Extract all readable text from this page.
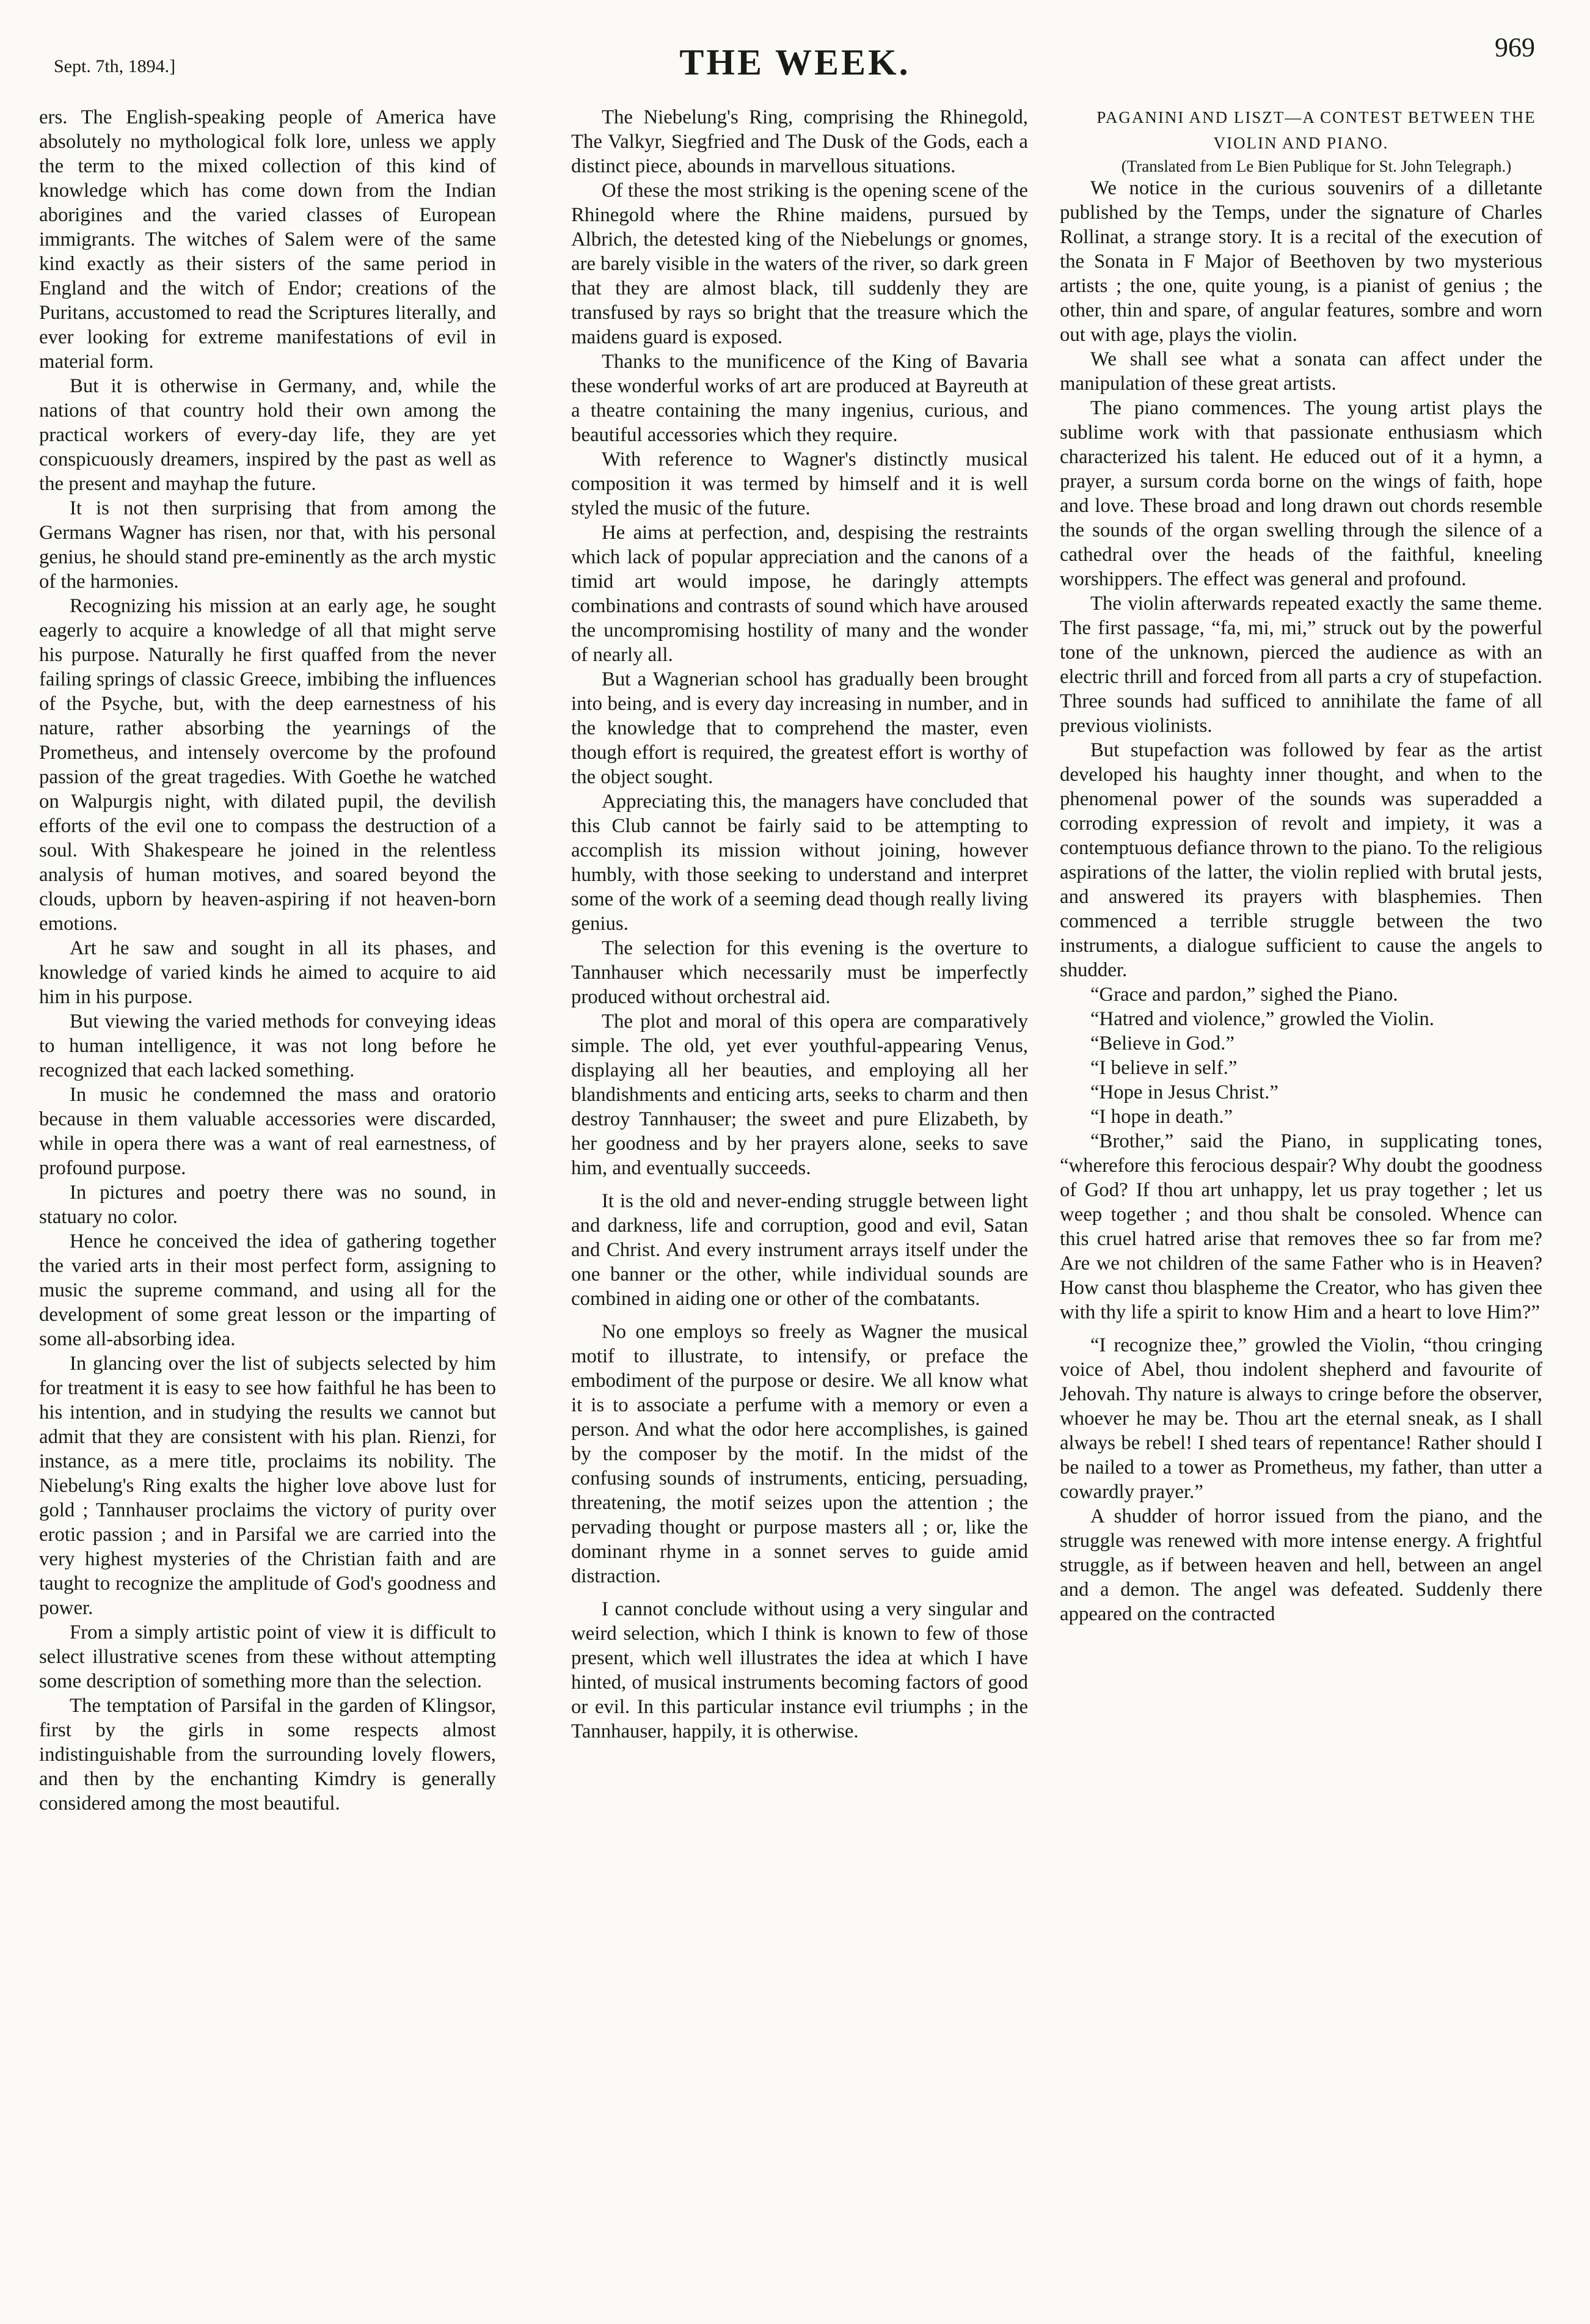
Sept. 7th, 1894.]	THE WEEK.	969

ers. The English-speaking people of America have absolutely no mythological folk lore, unless we apply the term to the mixed collection of this kind of knowledge which has come down from the Indian aborigines and the varied classes of European immigrants. The witches of Salem were of the same kind exactly as their sisters of the same period in England and the witch of Endor; creations of the Puritans, accustomed to read the Scriptures literally, and ever looking for extreme manifestations of evil in material form.

But it is otherwise in Germany, and, while the nations of that country hold their own among the practical workers of every-day life, they are yet conspicuously dreamers, inspired by the past as well as the present and mayhap the future.

It is not then surprising that from among the Germans Wagner has risen, nor that, with his personal genius, he should stand pre-eminently as the arch mystic of the harmonies.

Recognizing his mission at an early age, he sought eagerly to acquire a knowledge of all that might serve his purpose. Naturally he first quaffed from the never failing springs of classic Greece, imbibing the influences of the Psyche, but, with the deep earnestness of his nature, rather absorbing the yearnings of the Prometheus, and intensely overcome by the profound passion of the great tragedies. With Goethe he watched on Walpurgis night, with dilated pupil, the devilish efforts of the evil one to compass the destruction of a soul. With Shakespeare he joined in the relentless analysis of human motives, and soared beyond the clouds, upborn by heaven-aspiring if not heaven-born emotions.

Art he saw and sought in all its phases, and knowledge of varied kinds he aimed to acquire to aid him in his purpose.

But viewing the varied methods for conveying ideas to human intelligence, it was not long before he recognized that each lacked something.

In music he condemned the mass and oratorio because in them valuable accessories were discarded, while in opera there was a want of real earnestness, of profound purpose.

In pictures and poetry there was no sound, in statuary no color.

Hence he conceived the idea of gathering together the varied arts in their most perfect form, assigning to music the supreme command, and using all for the development of some great lesson or the imparting of some all-absorbing idea.

In glancing over the list of subjects selected by him for treatment it is easy to see how faithful he has been to his intention, and in studying the results we cannot but admit that they are consistent with his plan. Rienzi, for instance, as a mere title, proclaims its nobility. The Niebelung's Ring exalts the higher love above lust for gold ; Tannhauser proclaims the victory of purity over erotic passion ; and in Parsifal we are carried into the very highest mysteries of the Christian faith and are taught to recognize the amplitude of God's goodness and power.

From a simply artistic point of view it is difficult to select illustrative scenes from these without attempting some description of something more than the selection.

The temptation of Parsifal in the garden of Klingsor, first by the girls in some respects almost indistinguishable from the surrounding lovely flowers, and then by the enchanting Kimdry is generally considered among the most beautiful.

The Niebelung's Ring, comprising the Rhinegold, The Valkyr, Siegfried and The Dusk of the Gods, each a distinct piece, abounds in marvellous situations.

Of these the most striking is the opening scene of the Rhinegold where the Rhine maidens, pursued by Albrich, the detested king of the Niebelungs or gnomes, are barely visible in the waters of the river, so dark green that they are almost black, till suddenly they are transfused by rays so bright that the treasure which the maidens guard is exposed.

Thanks to the munificence of the King of Bavaria these wonderful works of art are produced at Bayreuth at a theatre containing the many ingenius, curious, and beautiful accessories which they require.

With reference to Wagner's distinctly musical composition it was termed by himself and it is well styled the music of the future.

He aims at perfection, and, despising the restraints which lack of popular appreciation and the canons of a timid art would impose, he daringly attempts combinations and contrasts of sound which have aroused the uncompromising hostility of many and the wonder of nearly all.

But a Wagnerian school has gradually been brought into being, and is every day increasing in number, and in the knowledge that to comprehend the master, even though effort is required, the greatest effort is worthy of the object sought.

Appreciating this, the managers have concluded that this Club cannot be fairly said to be attempting to accomplish its mission without joining, however humbly, with those seeking to understand and interpret some of the work of a seeming dead though really living genius.

The selection for this evening is the overture to Tannhauser which necessarily must be imperfectly produced without orchestral aid.

The plot and moral of this opera are comparatively simple. The old, yet ever youthful-appearing Venus, displaying all her beauties, and employing all her blandishments and enticing arts, seeks to charm and then destroy Tannhauser; the sweet and pure Elizabeth, by her goodness and by her prayers alone, seeks to save him, and eventually succeeds.

It is the old and never-ending struggle between light and darkness, life and corruption, good and evil, Satan and Christ. And every instrument arrays itself under the one banner or the other, while individual sounds are combined in aiding one or other of the combatants.

No one employs so freely as Wagner the musical motif to illustrate, to intensify, or preface the embodiment of the purpose or desire. We all know what it is to associate a perfume with a memory or even a person. And what the odor here accomplishes, is gained by the composer by the motif. In the midst of the confusing sounds of instruments, enticing, persuading, threatening, the motif seizes upon the attention ; the pervading thought or purpose masters all ; or, like the dominant rhyme in a sonnet serves to guide amid distraction.

I cannot conclude without using a very singular and weird selection, which I think is known to few of those present, which well illustrates the idea at which I have hinted, of musical instruments becoming factors of good or evil. In this particular instance evil triumphs ; in the Tannhauser, happily, it is otherwise.

PAGANINI AND LISZT—A CONTEST BETWEEN THE VIOLIN AND PIANO.

(Translated from Le Bien Publique for St. John Telegraph.)

We notice in the curious souvenirs of a dilletante published by the Temps, under the signature of Charles Rollinat, a strange story. It is a recital of the execution of the Sonata in F Major of Beethoven by two mysterious artists ; the one, quite young, is a pianist of genius ; the other, thin and spare, of angular features, sombre and worn out with age, plays the violin.

We shall see what a sonata can affect under the manipulation of these great artists.

The piano commences. The young artist plays the sublime work with that passionate enthusiasm which characterized his talent. He educed out of it a hymn, a prayer, a sursum corda borne on the wings of faith, hope and love. These broad and long drawn out chords resemble the sounds of the organ swelling through the silence of a cathedral over the heads of the faithful, kneeling worshippers. The effect was general and profound.

The violin afterwards repeated exactly the same theme. The first passage, “fa, mi, mi,” struck out by the powerful tone of the unknown, pierced the audience as with an electric thrill and forced from all parts a cry of stupefaction. Three sounds had sufficed to annihilate the fame of all previous violinists.

But stupefaction was followed by fear as the artist developed his haughty inner thought, and when to the phenomenal power of the sounds was superadded a corroding expression of revolt and impiety, it was a contemptuous defiance thrown to the piano. To the religious aspirations of the latter, the violin replied with brutal jests, and answered its prayers with blasphemies. Then commenced a terrible struggle between the two instruments, a dialogue sufficient to cause the angels to shudder.

“Grace and pardon,” sighed the Piano.

“Hatred and violence,” growled the Violin.

“Believe in God.”

“I believe in self.”

“Hope in Jesus Christ.”

“I hope in death.”

“Brother,” said the Piano, in supplicating tones, “wherefore this ferocious despair? Why doubt the goodness of God? If thou art unhappy, let us pray together ; let us weep together ; and thou shalt be consoled. Whence can this cruel hatred arise that removes thee so far from me? Are we not children of the same Father who is in Heaven? How canst thou blaspheme the Creator, who has given thee with thy life a spirit to know Him and a heart to love Him?”

“I recognize thee,” growled the Violin, “thou cringing voice of Abel, thou indolent shepherd and favourite of Jehovah. Thy nature is always to cringe before the observer, whoever he may be. Thou art the eternal sneak, as I shall always be rebel! I shed tears of repentance! Rather should I be nailed to a tower as Prometheus, my father, than utter a cowardly prayer.”

A shudder of horror issued from the piano, and the struggle was renewed with more intense energy. A frightful struggle, as if between heaven and hell, between an angel and a demon. The angel was defeated. Suddenly there appeared on the contracted
